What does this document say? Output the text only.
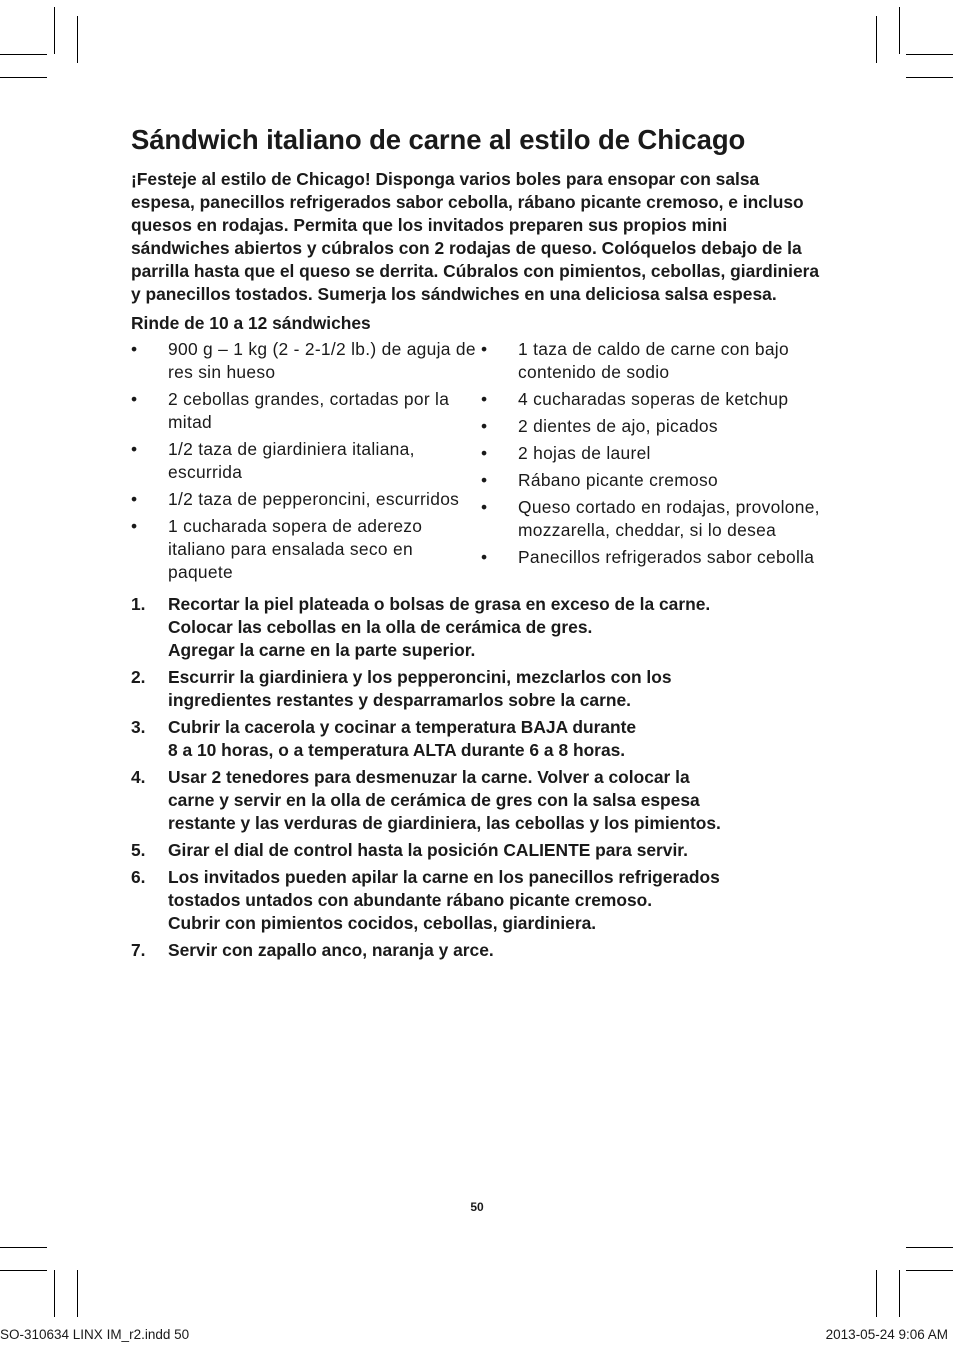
Sándwich italiano de carne al estilo de Chicago

¡Festeje al estilo de Chicago! Disponga varios boles para ensopar con salsa espesa, panecillos refrigerados sabor cebolla, rábano picante cremoso, e incluso quesos en rodajas. Permita que los invitados preparen sus propios mini sándwiches abiertos y cúbralos con 2 rodajas de queso. Colóquelos debajo de la parrilla hasta que el queso se derrita. Cúbralos con pimientos, cebollas, giardiniera y panecillos tostados. Sumerja los sándwiches en una deliciosa salsa espesa.

Rinde de 10 a 12 sándwiches

• 900 g – 1 kg (2 - 2-1/2 lb.) de aguja de res sin hueso
• 2 cebollas grandes, cortadas por la mitad
• 1/2 taza de giardiniera italiana, escurrida
• 1/2 taza de pepperoncini, escurridos
• 1 cucharada sopera de aderezo italiano para ensalada seco en paquete
• 1 taza de caldo de carne con bajo contenido de sodio
• 4 cucharadas soperas de ketchup
• 2 dientes de ajo, picados
• 2 hojas de laurel
• Rábano picante cremoso
• Queso cortado en rodajas, provolone, mozzarella, cheddar, si lo desea
• Panecillos refrigerados sabor cebolla
1. Recortar la piel plateada o bolsas de grasa en exceso de la carne.
Colocar las cebollas en la olla de cerámica de gres.
Agregar la carne en la parte superior.
2. Escurrir la giardiniera y los pepperoncini, mezclarlos con los
ingredientes restantes y desparramarlos sobre la carne.
3. Cubrir la cacerola y cocinar a temperatura BAJA durante
8 a 10 horas, o a temperatura ALTA durante 6 a 8 horas.
4. Usar 2 tenedores para desmenuzar la carne. Volver a colocar la
carne y servir en la olla de cerámica de gres con la salsa espesa
restante y las verduras de giardiniera, las cebollas y los pimientos.
5. Girar el dial de control hasta la posición CALIENTE para servir.
6. Los invitados pueden apilar la carne en los panecillos refrigerados
tostados untados con abundante rábano picante cremoso.
Cubrir con pimientos cocidos, cebollas, giardiniera.
7. Servir con zapallo anco, naranja y arce.
50
SO-310634 LINX IM_r2.indd 50	2013-05-24 9:06 AM
